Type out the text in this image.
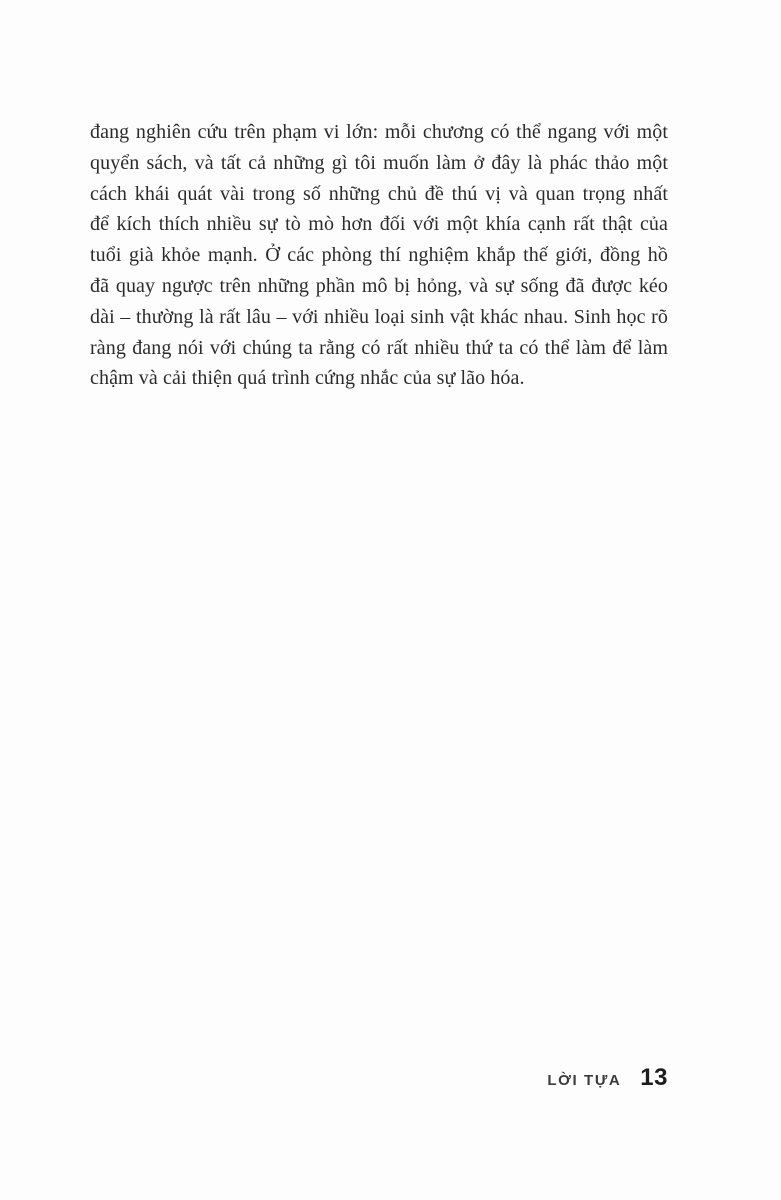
đang nghiên cứu trên phạm vi lớn: mỗi chương có thể ngang với một
quyển sách, và tất cả những gì tôi muốn làm ở đây là phác thảo một
cách khái quát vài trong số những chủ đề thú vị và quan trọng nhất
để kích thích nhiều sự tò mò hơn đối với một khía cạnh rất thật của
tuổi già khỏe mạnh. Ở các phòng thí nghiệm khắp thế giới, đồng hồ
đã quay ngược trên những phần mô bị hỏng, và sự sống đã được kéo
dài – thường là rất lâu – với nhiều loại sinh vật khác nhau. Sinh học rõ
ràng đang nói với chúng ta rằng có rất nhiều thứ ta có thể làm để làm
chậm và cải thiện quá trình cứng nhắc của sự lão hóa.
LỜI TỰA 13
